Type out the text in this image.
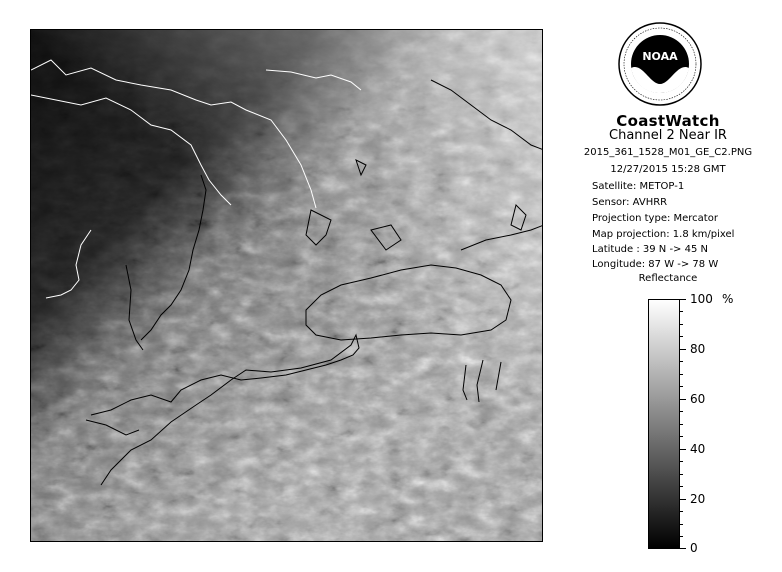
NOAA
CoastWatch
Channel 2 Near IR
2015_361_1528_M01_GE_C2.PNG
12/27/2015 15:28 GMT
Satellite: METOP-1
Sensor: AVHRR
Projection type: Mercator
Map projection: 1.8 km/pixel
Latitude : 39 N -> 45 N
Longitude: 87 W -> 78 W
Reflectance
%
100
80
60
40
20
0
